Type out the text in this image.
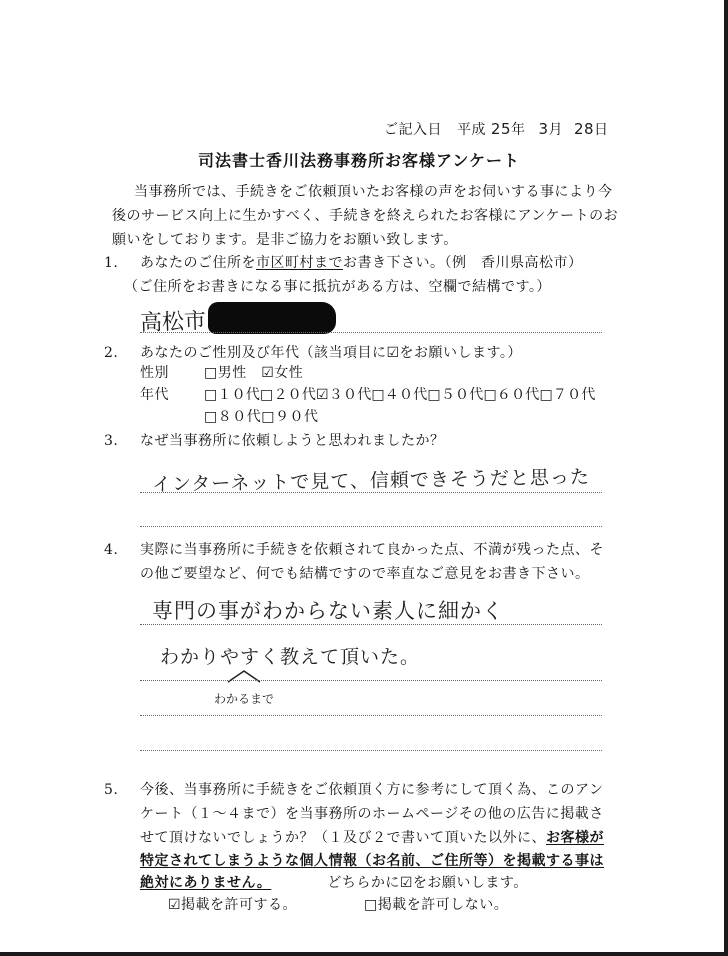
ご記入日 平成 25年 3月 28日
司法書士香川法務事務所お客様アンケート
当事務所では、手続きをご依頼頂いたお客様の声をお伺いする事により今
後のサービス向上に生かすべく、手続きを終えられたお客様にアンケートのお
願いをしております。是非ご協力をお願い致します。
1. あなたのご住所を市区町村までお書き下さい。（例　香川県高松市）
（ご住所をお書きになる事に抵抗がある方は、空欄で結構です。）
高松市
2. あなたのご性別及び年代（該当項目に☑をお願いします。）
性別	□男性　☑女性
年代	□１０代□２０代☑３０代□４０代□５０代□６０代□７０代
□８０代□９０代
3. なぜ当事務所に依頼しようと思われましたか？
インターネットで見て、信頼できそうだと思った
4. 実際に当事務所に手続きを依頼されて良かった点、不満が残った点、そ
の他ご要望など、何でも結構ですので率直なご意見をお書き下さい。
専門の事がわからない素人に細かく
わかりやすく教えて頂いた。
わかるまで
5. 今後、当事務所に手続きをご依頼頂く方に参考にして頂く為、このアン
ケート（１～４まで）を当事務所のホームページその他の広告に掲載さ
せて頂けないでしょうか？（１及び２で書いて頂いた以外に、お客様が
特定されてしまうような個人情報（お名前、ご住所等）を掲載する事は
絶対にありません。	どちらかに☑をお願いします。
☑掲載を許可する。	□掲載を許可しない。
